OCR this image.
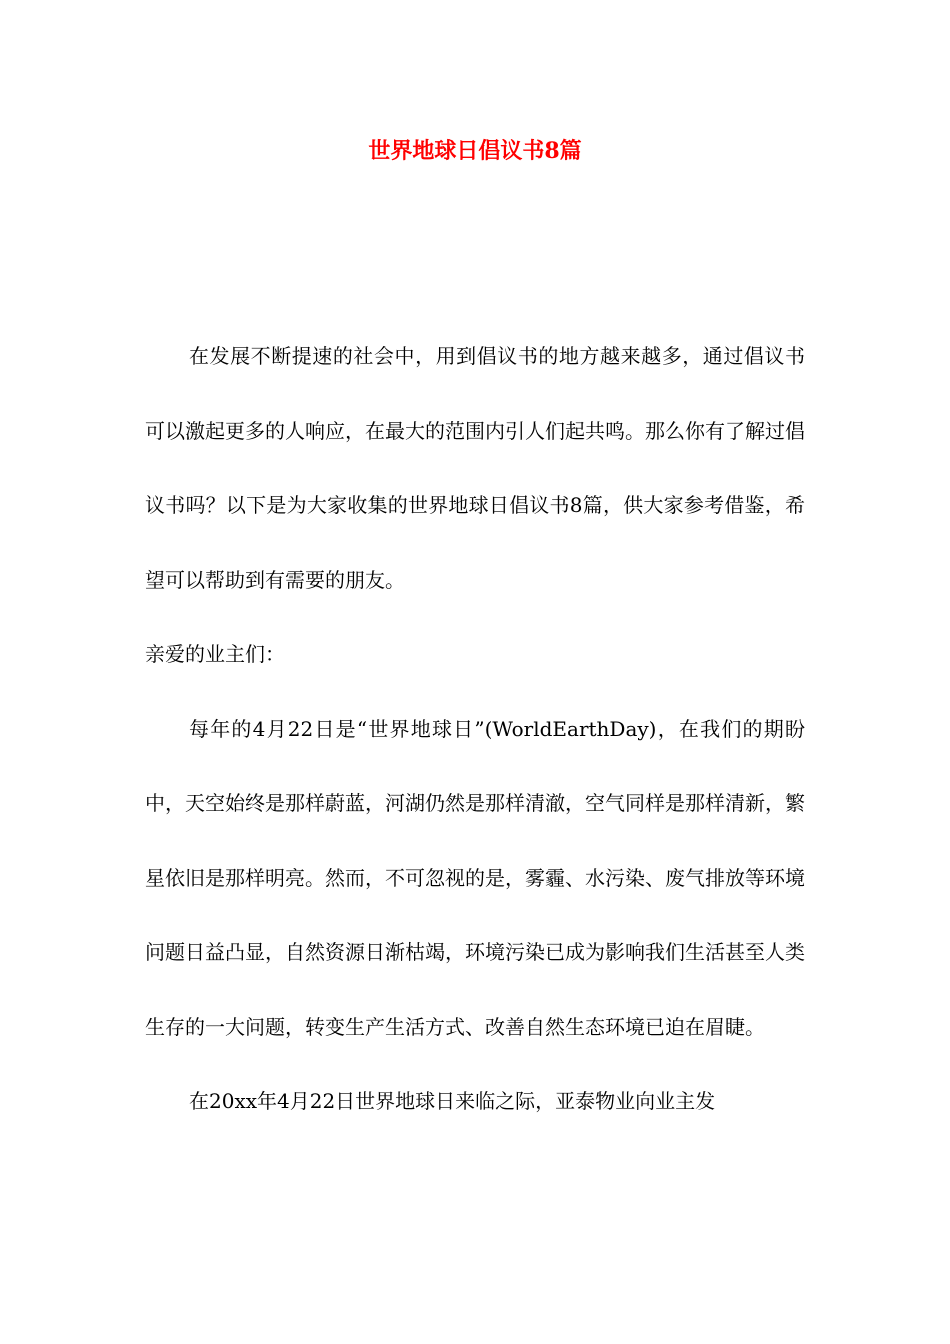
世界地球日倡议书8篇

在发展不断提速的社会中，用到倡议书的地方越来越多，通过倡议书可以激起更多的人响应，在最大的范围内引人们起共鸣。那么你有了解过倡议书吗？以下是为大家收集的世界地球日倡议书8篇，供大家参考借鉴，希望可以帮助到有需要的朋友。

亲爱的业主们：

每年的4月22日是“世界地球日”(WorldEarthDay)，在我们的期盼中，天空始终是那样蔚蓝，河湖仍然是那样清澈，空气同样是那样清新，繁星依旧是那样明亮。然而，不可忽视的是，雾霾、水污染、废气排放等环境问题日益凸显，自然资源日渐枯竭，环境污染已成为影响我们生活甚至人类生存的一大问题，转变生产生活方式、改善自然生态环境已迫在眉睫。

在20xx年4月22日世界地球日来临之际，亚泰物业向业主发
